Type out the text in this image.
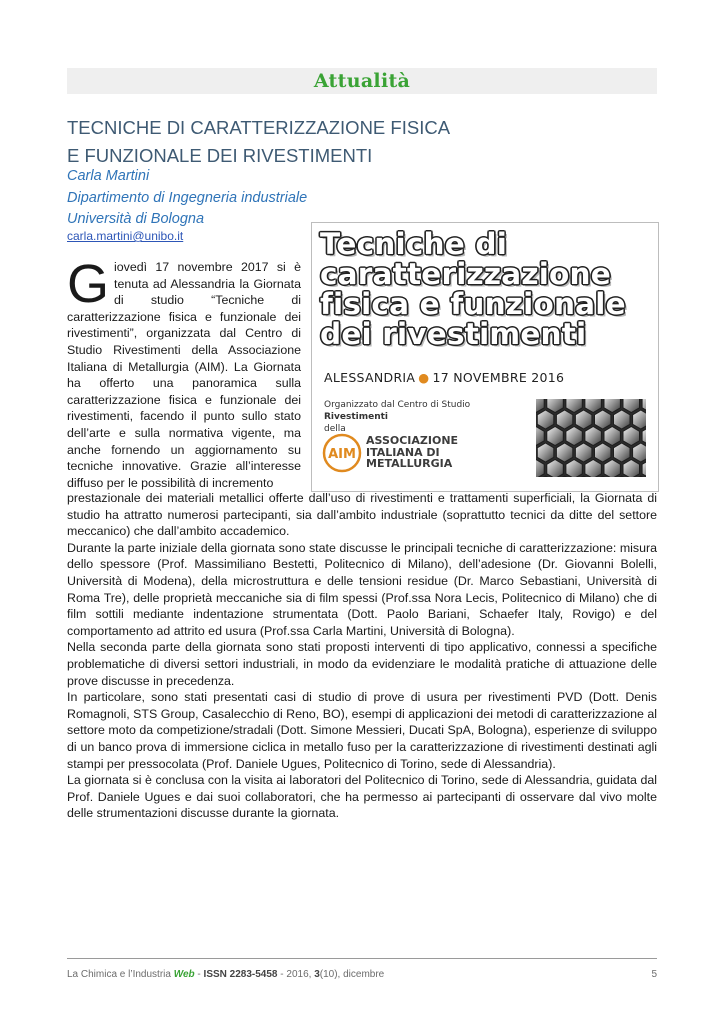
Attualità
TECNICHE DI CARATTERIZZAZIONE FISICA
E FUNZIONALE DEI RIVESTIMENTI
Carla Martini
Dipartimento di Ingegneria industriale
Università di Bologna
carla.martini@unibo.it
Giovedì 17 novembre 2017 si è tenuta ad Alessandria la Giornata di studio “Tecniche di caratterizzazione fisica e funzionale dei rivestimenti”, organizzata dal Centro di Studio Rivestimenti della Associazione Italiana di Metallurgia (AIM). La Giornata ha offerto una panoramica sulla caratterizzazione fisica e funzionale dei rivestimenti, facendo il punto sullo stato dell’arte e sulla normativa vigente, ma anche fornendo un aggiornamento su tecniche innovative. Grazie all’interesse diffuso per le possibilità di incremento
Tecniche di
caratterizzazione
fisica e funzionale
dei rivestimenti
ALESSANDRIA ● 17 NOVEMBRE 2016
Organizzato dal Centro di Studio
Rivestimenti
della
AIM
ASSOCIAZIONE
ITALIANA DI
METALLURGIA

prestazionale dei materiali metallici offerte dall’uso di rivestimenti e trattamenti superficiali, la Giornata di studio ha attratto numerosi partecipanti, sia dall’ambito industriale (soprattutto tecnici da ditte del settore meccanico) che dall’ambito accademico.

Durante la parte iniziale della giornata sono state discusse le principali tecniche di caratterizzazione: misura dello spessore (Prof. Massimiliano Bestetti, Politecnico di Milano), dell’adesione (Dr. Giovanni Bolelli, Università di Modena), della microstruttura e delle tensioni residue (Dr. Marco Sebastiani, Università di Roma Tre), delle proprietà meccaniche sia di film spessi (Prof.ssa Nora Lecis, Politecnico di Milano) che di film sottili mediante indentazione strumentata (Dott. Paolo Bariani, Schaefer Italy, Rovigo) e del comportamento ad attrito ed usura (Prof.ssa Carla Martini, Università di Bologna).

Nella seconda parte della giornata sono stati proposti interventi di tipo applicativo, connessi a specifiche problematiche di diversi settori industriali, in modo da evidenziare le modalità pratiche di attuazione delle prove discusse in precedenza.

In particolare, sono stati presentati casi di studio di prove di usura per rivestimenti PVD (Dott. Denis Romagnoli, STS Group, Casalecchio di Reno, BO), esempi di applicazioni dei metodi di caratterizzazione al settore moto da competizione/stradali (Dott. Simone Messieri, Ducati SpA, Bologna), esperienze di sviluppo di un banco prova di immersione ciclica in metallo fuso per la caratterizzazione di rivestimenti destinati agli stampi per pressocolata (Prof. Daniele Ugues, Politecnico di Torino, sede di Alessandria).

La giornata si è conclusa con la visita ai laboratori del Politecnico di Torino, sede di Alessandria, guidata dal Prof. Daniele Ugues e dai suoi collaboratori, che ha permesso ai partecipanti di osservare dal vivo molte delle strumentazioni discusse durante la giornata.

La Chimica e l’Industria Web - ISSN 2283-5458 - 2016, 3(10), dicembre	5
